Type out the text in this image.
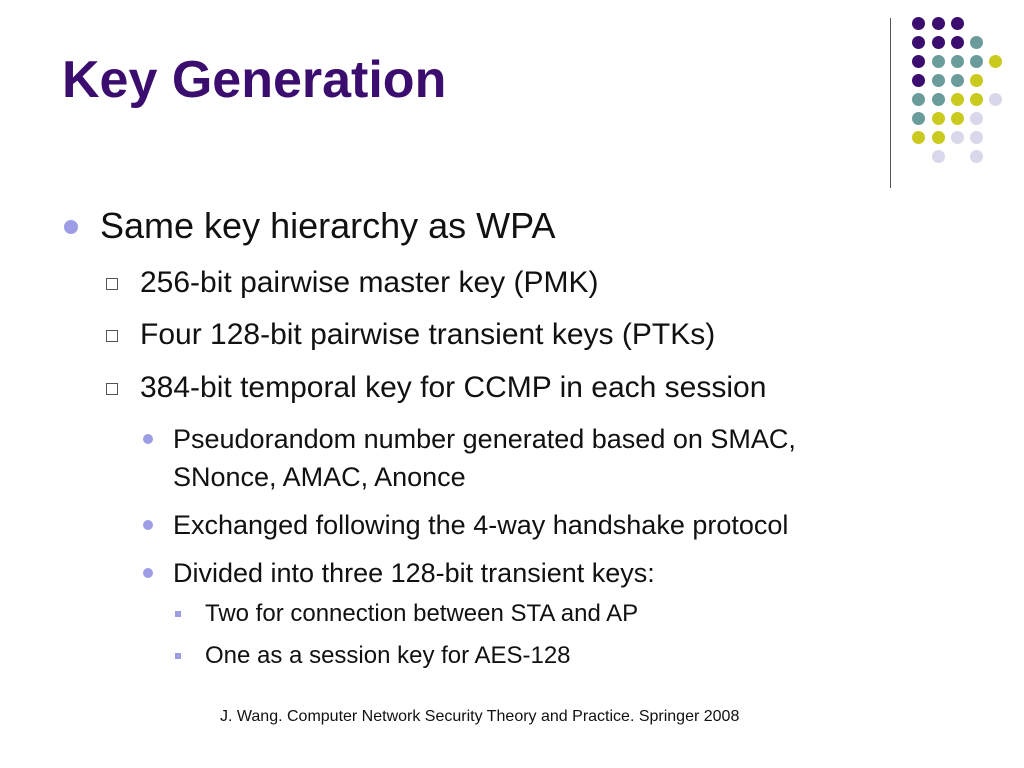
Key Generation
Same key hierarchy as WPA
256-bit pairwise master key (PMK)
Four 128-bit pairwise transient keys (PTKs)
384-bit temporal key for CCMP in each session
Pseudorandom number generated based on SMAC,
SNonce, AMAC, Anonce
Exchanged following the 4-way handshake protocol
Divided into three 128-bit transient keys:
Two for connection between STA and AP
One as a session key for AES-128
J. Wang. Computer Network Security Theory and Practice. Springer 2008
